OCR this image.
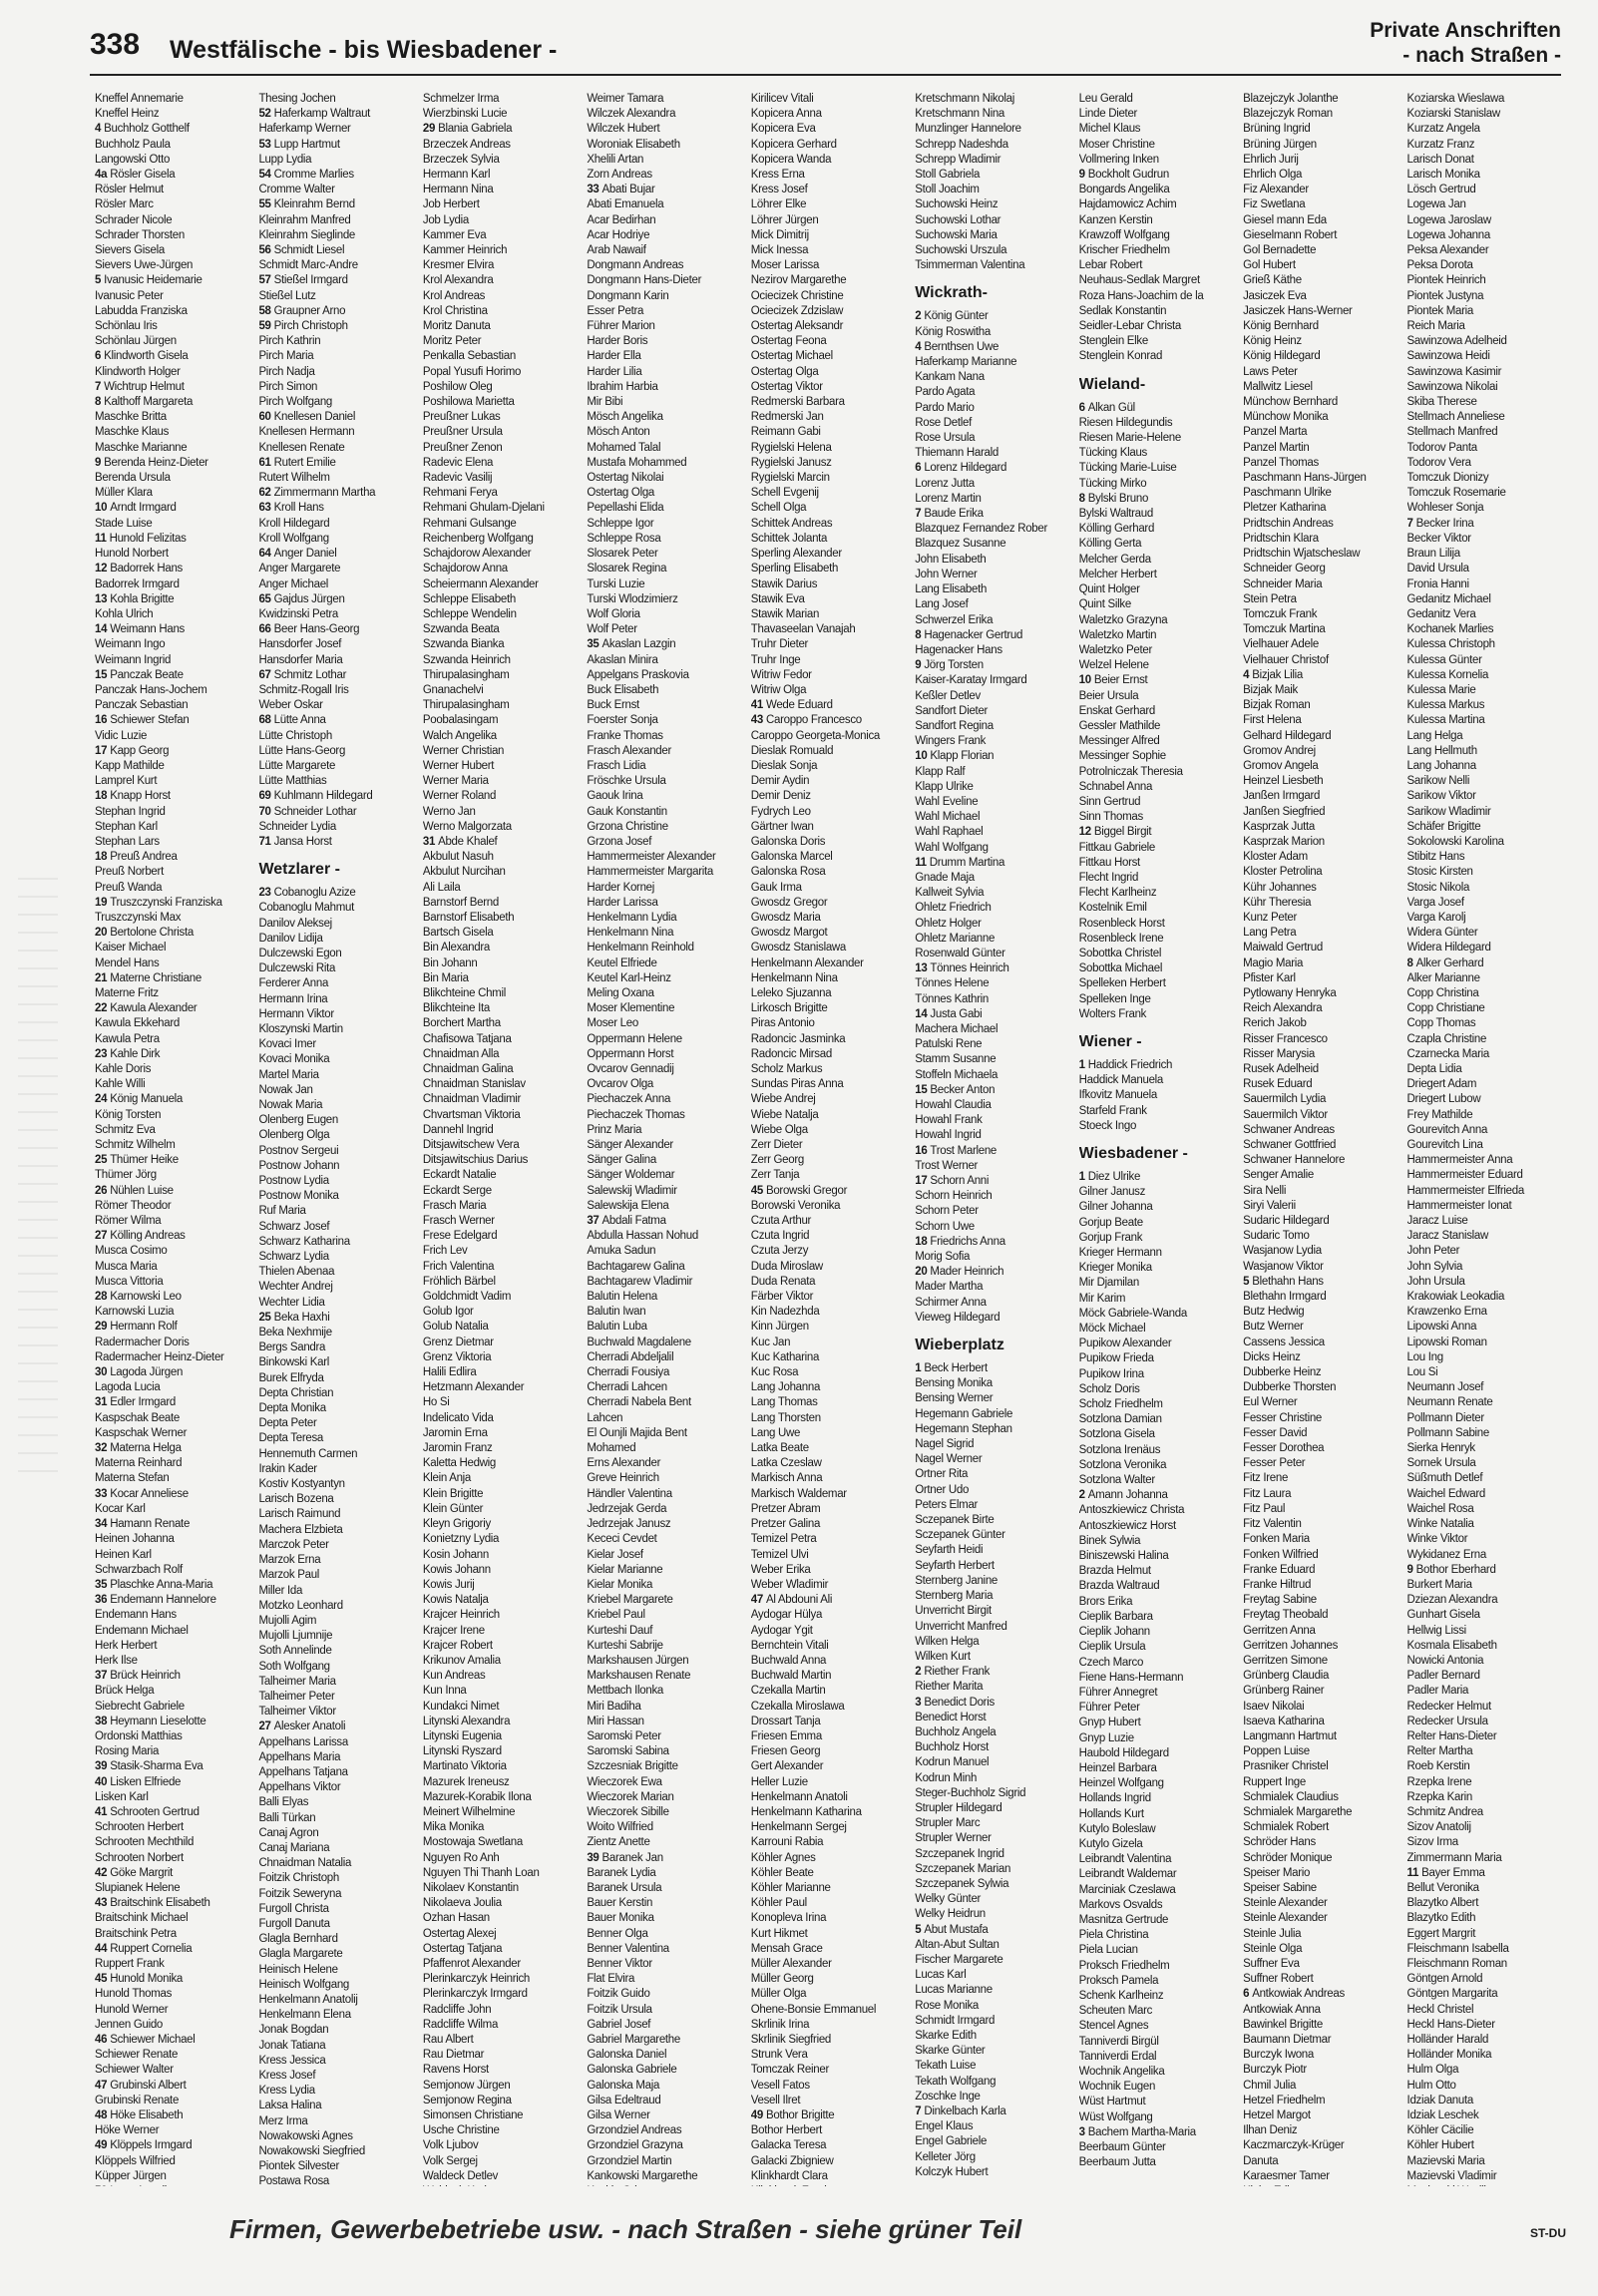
338 Westfälische - bis Wiesbadener -
Private Anschriften
- nach Straßen -
Kneffel Annemarie
Kneffel Heinz
4 Buchholz Gotthelf
Buchholz Paula
Langowski Otto
4a Rösler Gisela
Rösler Helmut
Rösler Marc
Schrader Nicole
Schrader Thorsten
Sievers Gisela
Sievers Uwe-Jürgen
5 Ivanusic Heidemarie
Ivanusic Peter
Labudda Franziska
Schönlau Iris
Schönlau Jürgen
6 Klindworth Gisela
Klindworth Holger
7 Wichtrup Helmut
8 Kalthoff Margareta
Maschke Britta
Maschke Klaus
Maschke Marianne
9 Berenda Heinz-Dieter
Berenda Ursula
Müller Klara
10 Arndt Irmgard
Stade Luise
11 Hunold Felizitas
Hunold Norbert
12 Badorrek Hans
Badorrek Irmgard
13 Kohla Brigitte
Kohla Ulrich
14 Weimann Hans
Weimann Ingo
Weimann Ingrid
15 Panczak Beate
Panczak Hans-Jochem
Panczak Sebastian
16 Schiewer Stefan
Vidic Luzie
17 Kapp Georg
Kapp Mathilde
Lamprel Kurt
18 Knapp Horst
Stephan Ingrid
Stephan Karl
Stephan Lars
18 Preuß Andrea
Preuß Norbert
Preuß Wanda
19 Truszczynski Franziska
Truszczynski Max
20 Bertolone Christa
Kaiser Michael
Mendel Hans
21 Materne Christiane
Materne Fritz
22 Kawula Alexander
Kawula Ekkehard
Kawula Petra
23 Kahle Dirk
Kahle Doris
Kahle Willi
24 König Manuela
König Torsten
Schmitz Eva
Schmitz Wilhelm
25 Thümer Heike
Thümer Jörg
26 Nühlen Luise
Römer Theodor
Römer Wilma
27 Kölling Andreas
Musca Cosimo
Musca Maria
Musca Vittoria
28 Karnowski Leo
Karnowski Luzia
29 Hermann Rolf
Radermacher Doris
Radermacher Heinz-Dieter
30 Lagoda Jürgen
Lagoda Lucia
31 Edler Irmgard
Kaspschak Beate
Kaspschak Werner
32 Materna Helga
Materna Reinhard
Materna Stefan
33 Kocar Anneliese
Kocar Karl
34 Hamann Renate
Heinen Johanna
Heinen Karl
Schwarzbach Rolf
35 Plaschke Anna-Maria
36 Endemann Hannelore
Endemann Hans
Endemann Michael
Herk Herbert
Herk Ilse
37 Brück Heinrich
Brück Helga
Siebrecht Gabriele
38 Heymann Lieselotte
Ordonski Matthias
Rosing Maria
39 Stasik-Sharma Eva
40 Lisken Elfriede
Lisken Karl
41 Schrooten Gertrud
Schrooten Herbert
Schrooten Mechthild
Schrooten Norbert
42 Göke Margrit
Slupianek Helene
43 Braitschink Elisabeth
Braitschink Michael
Braitschink Petra
44 Ruppert Cornelia
Ruppert Frank
45 Hunold Monika
Hunold Thomas
Hunold Werner
Jennen Guido
46 Schiewer Michael
Schiewer Renate
Schiewer Walter
47 Grubinski Albert
Grubinski Renate
48 Höke Elisabeth
Höke Werner
49 Klöppels Irmgard
Klöppels Wilfried
Küpper Jürgen
Thesing Jochen
52 Haferkamp Waltraut
Haferkamp Werner
53 Lupp Hartmut
Lupp Lydia
54 Cromme Marlies
Cromme Walter
55 Kleinrahm Bernd
Kleinrahm Manfred
Kleinrahm Sieglinde
56 Schmidt Liesel
Schmidt Marc-Andre
57 Stießel Irmgard
Stießel Lutz
58 Graupner Arno
59 Pirch Christoph
Pirch Kathrin
Pirch Maria
Pirch Nadja
Pirch Simon
Pirch Wolfgang
60 Knellesen Daniel
Knellesen Hermann
Knellesen Renate
61 Rutert Emilie
Rutert Wilhelm
62 Zimmermann Martha
63 Kroll Hans
Kroll Hildegard
Kroll Wolfgang
64 Anger Daniel
Anger Margarete
Anger Michael
65 Gajdus Jürgen
Kwidzinski Petra
66 Beer Hans-Georg
Hansdorfer Josef
Hansdorfer Maria
67 Schmitz Lothar
Schmitz-Rogall Iris
Weber Oskar
68 Lütte Anna
Lütte Christoph
Lütte Hans-Georg
Lütte Margarete
Lütte Matthias
69 Kuhlmann Hildegard
70 Schneider Lothar
Schneider Lydia
71 Jansa Horst
Wetzlarer -
23 Cobanoglu Azize
Cobanoglu Mahmut
Danilov Aleksej
Danilov Lidija
Dulczewski Egon
Dulczewski Rita
Ferderer Anna
Hermann Irina
Hermann Viktor
Kloszynski Martin
Kovaci Imer
Kovaci Monika
Martel Maria
Nowak Jan
Nowak Maria
Olenberg Eugen
Olenberg Olga
Postnov Sergeui
Postnow Johann
Postnow Lydia
Postnow Monika
Ruf Maria
Schwarz Josef
Schwarz Katharina
Schwarz Lydia
Thielen Abenaa
Wechter Andrej
Wechter Lidia
25 Beka Haxhi
Beka Nexhmije
Bergs Sandra
Binkowski Karl
Burek Elfryda
Depta Christian
Depta Monika
Depta Peter
Depta Teresa
Hennemuth Carmen
Irakin Kader
Kostiv Kostyantyn
Larisch Bozena
Larisch Raimund
Machera Elzbieta
Marczok Peter
Marzok Erna
Marzok Paul
Miller Ida
Motzko Leonhard
Mujolli Agim
Mujolli Ljumnije
Soth Annelinde
Soth Wolfgang
Talheimer Maria
Talheimer Peter
Talheimer Viktor
27 Alesker Anatoli
Appelhans Larissa
Appelhans Maria
Appelhans Tatjana
Appelhans Viktor
Balli Elyas
Balli Türkan
Canaj Agron
Canaj Mariana
Chnaidman Natalia
Foitzik Christoph
Foitzik Seweryna
Furgoll Christa
Furgoll Danuta
Glagla Bernhard
Glagla Margarete
Heinisch Helene
Heinisch Wolfgang
Henkelmann Anatolij
Henkelmann Elena
Jonak Bogdan
Jonak Tatiana
Kress Jessica
Kress Josef
Kress Lydia
Laksa Halina
Merz Irma
Nowakowski Agnes
Nowakowski Siegfried
Piontek Silvester
Postawa Rosa
Schmelzer Irma
Wierzbinski Lucie
29 Blania Gabriela
Brzeczek Andreas
Brzeczek Sylvia
Hermann Karl
Hermann Nina
Job Herbert
Job Lydia
Kammer Eva
Kammer Heinrich
Kresmer Elvira
Krol Alexandra
Krol Andreas
Krol Christina
Moritz Danuta
Moritz Peter
Penkalla Sebastian
Popal Yusufi Horimo
Poshilow Oleg
Poshilowa Marietta
Preußner Lukas
Preußner Ursula
Preußner Zenon
Radevic Elena
Radevic Vasilij
Rehmani Ferya
Rehmani Ghulam-Djelani
Rehmani Gulsange
Reichenberg Wolfgang
Schajdorow Alexander
Schajdorow Anna
Scheiermann Alexander
Schleppe Elisabeth
Schleppe Wendelin
Szwanda Beata
Szwanda Bianka
Szwanda Heinrich
Thirupalasingham
Gnanachelvi
Thirupalasingham
Poobalasingam
Walch Angelika
Werner Christian
Werner Hubert
Werner Maria
Werner Roland
Werno Jan
Werno Malgorzata
31 Abde Khalef
Akbulut Nasuh
Akbulut Nurcihan
Ali Laila
Barnstorf Bernd
Barnstorf Elisabeth
Bartsch Gisela
Bin Alexandra
Bin Johann
Bin Maria
Blikchteine Chmil
Blikchteine Ita
Borchert Martha
Chafisowa Tatjana
Chnaidman Alla
Chnaidman Galina
Chnaidman Stanislav
Chnaidman Vladimir
Chvartsman Viktoria
Dannehl Ingrid
Ditsjawitschew Vera
Ditsjawitschius Darius
Eckardt Natalie
Eckardt Serge
Frasch Maria
Frasch Werner
Frese Edelgard
Frich Lev
Frich Valentina
Fröhlich Bärbel
Goldchmidt Vadim
Golub Igor
Golub Natalia
Grenz Dietmar
Grenz Viktoria
Halili Edlira
Hetzmann Alexander
Ho Si
Indelicato Vida
Jaromin Erna
Jaromin Franz
Kaletta Hedwig
Klein Anja
Klein Brigitte
Klein Günter
Kleyn Grigoriy
Konietzny Lydia
Kosin Johann
Kowis Johann
Kowis Jurij
Kowis Natalja
Krajcer Heinrich
Krajcer Irene
Krajcer Robert
Krikunov Amalia
Kun Andreas
Kun Inna
Kundakci Nimet
Litynski Alexandra
Litynski Eugenia
Litynski Ryszard
Martinato Viktoria
Mazurek Ireneusz
Mazurek-Korabik Ilona
Meinert Wilhelmine
Mika Monika
Mostowaja Swetlana
Nguyen Ro Anh
Nguyen Thi Thanh Loan
Nikolaev Konstantin
Nikolaeva Joulia
Ozhan Hasan
Ostertag Alexej
Ostertag Tatjana
Pfaffenrot Alexander
Plerinkarczyk Heinrich
Plerinkarczyk Irmgard
Radcliffe John
Radcliffe Wilma
Rau Albert
Rau Dietmar
Ravens Horst
Semjonow Jürgen
Semjonow Regina
Simonsen Christiane
Usche Christine
Volk Ljubov
Volk Sergej
Waldeck Detlev
Weimer Tamara
Wilczek Alexandra
Wilczek Hubert
Woroniak Elisabeth
Xhelili Artan
Zorn Andreas
33 Abati Bujar
Abati Emanuela
Acar Bedirhan
Acar Hodriye
Arab Nawaif
Dongmann Andreas
Dongmann Hans-Dieter
Dongmann Karin
Esser Petra
Führer Marion
Harder Boris
Harder Ella
Harder Lilia
Ibrahim Harbia
Mir Bibi
Mösch Angelika
Mösch Anton
Mohamed Talal
Mustafa Mohammed
Ostertag Nikolai
Ostertag Olga
Pepellashi Elida
Schleppe Igor
Schleppe Rosa
Slosarek Peter
Slosarek Regina
Turski Luzie
Turski Wlodzimierz
Wolf Gloria
Wolf Peter
35 Akaslan Lazgin
Akaslan Minira
Appelgans Praskovia
Buck Elisabeth
Buck Ernst
Foerster Sonja
Franke Thomas
Frasch Alexander
Frasch Lidia
Fröschke Ursula
Gaouk Irina
Gauk Konstantin
Grzona Christine
Grzona Josef
Hammermeister Alexander
Hammermeister Margarita
Harder Kornej
Harder Larissa
Henkelmann Lydia
Henkelmann Nina
Henkelmann Reinhold
Keutel Elfriede
Keutel Karl-Heinz
Meling Oxana
Moser Klementine
Moser Leo
Oppermann Helene
Oppermann Horst
Ovcarov Gennadij
Ovcarov Olga
Piechaczek Anna
Piechaczek Thomas
Prinz Maria
Sänger Alexander
Sänger Galina
Sänger Woldemar
Salewskij Wladimir
Salewskija Elena
37 Abdali Fatma
Abdulla Hassan Nohud
Amuka Sadun
Bachtagarew Galina
Bachtagarew Vladimir
Balutin Helena
Balutin Iwan
Balutin Luba
Buchwald Magdalene
Cherradi Abdeljalil
Cherradi Fousiya
Cherradi Lahcen
Cherradi Nabela Bent
Lahcen
El Ounjli Majida Bent
Mohamed
Erns Alexander
Greve Heinrich
Händler Valentina
Jedrzejak Gerda
Jedrzejak Janusz
Kececi Cevdet
Kielar Josef
Kielar Marianne
Kielar Monika
Kriebel Margarete
Kriebel Paul
Kurteshi Dauf
Kurteshi Sabrije
Markshausen Jürgen
Markshausen Renate
Mettbach Ilonka
Miri Badiha
Miri Hassan
Saromski Peter
Saromski Sabina
Szczesniak Brigitte
Wieczorek Ewa
Wieczorek Marian
Wieczorek Sibille
Woito Wilfried
Zientz Anette
39 Baranek Jan
Baranek Lydia
Baranek Ursula
Bauer Kerstin
Bauer Monika
Benner Olga
Benner Valentina
Benner Viktor
Flat Elvira
Foitzik Guido
Foitzik Ursula
Gabriel Josef
Gabriel Margarethe
Galonska Daniel
Galonska Gabriele
Galonska Maja
Gilsa Edeltraud
Gilsa Werner
Grzondziel Andreas
Grzondziel Grazyna
Grzondziel Martin
Kankowski Margarethe
Kirilicev Vitali
Kopicera Anna
Kopicera Eva
Kopicera Gerhard
Kopicera Wanda
Kress Erna
Kress Josef
Löhrer Elke
Löhrer Jürgen
Mick Dimitrij
Mick Inessa
Moser Larissa
Nezirov Margarethe
Ociecizek Christine
Ociecizek Zdzislaw
Ostertag Aleksandr
Ostertag Feona
Ostertag Michael
Ostertag Olga
Ostertag Viktor
Redmerski Barbara
Redmerski Jan
Reimann Gabi
Rygielski Helena
Rygielski Janusz
Rygielski Marcin
Schell Evgenij
Schell Olga
Schittek Andreas
Schittek Jolanta
Sperling Alexander
Sperling Elisabeth
Stawik Darius
Stawik Eva
Stawik Marian
Thavaseelan Vanajah
Truhr Dieter
Truhr Inge
Witriw Fedor
Witriw Olga
41 Wede Eduard
43 Caroppo Francesco
Caroppo Georgeta-Monica
Dieslak Romuald
Dieslak Sonja
Demir Aydin
Demir Deniz
Fydrych Leo
Gärtner Iwan
Galonska Doris
Galonska Marcel
Galonska Rosa
Gauk Irma
Gwosdz Gregor
Gwosdz Maria
Gwosdz Margot
Gwosdz Stanislawa
Henkelmann Alexander
Henkelmann Nina
Leleko Sjuzanna
Lirkosch Brigitte
Piras Antonio
Radoncic Jasminka
Radoncic Mirsad
Scholz Markus
Sundas Piras Anna
Wiebe Andrej
Wiebe Natalja
Wiebe Olga
Zerr Dieter
Zerr Georg
Zerr Tanja
45 Borowski Gregor
Borowski Veronika
Czuta Arthur
Czuta Ingrid
Czuta Jerzy
Duda Miroslaw
Duda Renata
Färber Viktor
Kin Nadezhda
Kinn Jürgen
Kuc Jan
Kuc Katharina
Kuc Rosa
Lang Johanna
Lang Thomas
Lang Thorsten
Lang Uwe
Latka Beate
Latka Czeslaw
Markisch Anna
Markisch Waldemar
Pretzer Abram
Pretzer Galina
Temizel Petra
Temizel Ulvi
Weber Erika
Weber Wladimir
47 Al Abdouni Ali
Aydogar Hülya
Aydogar Ygit
Bernchtein Vitali
Buchwald Anna
Buchwald Martin
Czekalla Martin
Czekalla Miroslawa
Drossart Tanja
Friesen Emma
Friesen Georg
Gert Alexander
Heller Luzie
Henkelmann Anatoli
Henkelmann Katharina
Henkelmann Sergej
Karrouni Rabia
Köhler Agnes
Köhler Beate
Köhler Marianne
Köhler Paul
Konopleva Irina
Kurt Hikmet
Mensah Grace
Müller Alexander
Müller Georg
Müller Olga
Ohene-Bonsie Emmanuel
Skrlinik Irina
Skrlinik Siegfried
Strunk Vera
Tomczak Reiner
Vesell Fatos
Vesell Ilret
49 Bothor Brigitte
Bothor Herbert
Galacka Teresa
Galacki Zbigniew
Klinkhardt Clara
Kretschmann Nikolaj
Kretschmann Nina
Munzlinger Hannelore
Schrepp Nadeshda
Schrepp Wladimir
Stoll Gabriela
Stoll Joachim
Suchowski Heinz
Suchowski Lothar
Suchowski Maria
Suchowski Urszula
Tsimmerman Valentina
Wickrath-
2 König Günter
König Roswitha
4 Bernthsen Uwe
Haferkamp Marianne
Kankam Nana
Pardo Agata
Pardo Mario
Rose Detlef
Rose Ursula
Thiemann Harald
6 Lorenz Hildegard
Lorenz Jutta
Lorenz Martin
7 Baude Erika
Blazquez Fernandez Rober
Blazquez Susanne
John Elisabeth
John Werner
Lang Elisabeth
Lang Josef
Schwerzel Erika
8 Hagenacker Gertrud
Hagenacker Hans
9 Jörg Torsten
Kaiser-Karatay Irmgard
Keßler Detlev
Sandfort Dieter
Sandfort Regina
Wingers Frank
10 Klapp Florian
Klapp Ralf
Klapp Ulrike
Wahl Eveline
Wahl Michael
Wahl Raphael
Wahl Wolfgang
11 Drumm Martina
Gnade Maja
Kallweit Sylvia
Ohletz Friedrich
Ohletz Holger
Ohletz Marianne
Rosenwald Günter
13 Tönnes Heinrich
Tönnes Helene
Tönnes Kathrin
14 Justa Gabi
Machera Michael
Patulski Rene
Stamm Susanne
Stoffeln Michaela
15 Becker Anton
Howahl Claudia
Howahl Frank
Howahl Ingrid
16 Trost Marlene
Trost Werner
17 Schorn Anni
Schorn Heinrich
Schorn Peter
Schorn Uwe
18 Friedrichs Anna
Morig Sofia
20 Mader Heinrich
Mader Martha
Schirmer Anna
Vieweg Hildegard
Wieberplatz
1 Beck Herbert
Bensing Monika
Bensing Werner
Hegemann Gabriele
Hegemann Stephan
Nagel Sigrid
Nagel Werner
Ortner Rita
Ortner Udo
Peters Elmar
Sczepanek Birte
Sczepanek Günter
Seyfarth Heidi
Seyfarth Herbert
Sternberg Janine
Sternberg Maria
Unverricht Birgit
Unverricht Manfred
Wilken Helga
Wilken Kurt
2 Riether Frank
Riether Marita
3 Benedict Doris
Benedict Horst
Buchholz Angela
Buchholz Horst
Kodrun Manuel
Kodrun Minh
Steger-Buchholz Sigrid
Strupler Hildegard
Strupler Marc
Strupler Werner
Szczepanek Ingrid
Szczepanek Marian
Szczepanek Sylwia
Welky Günter
Welky Heidrun
5 Abut Mustafa
Altan-Abut Sultan
Fischer Margarete
Lucas Karl
Lucas Marianne
Rose Monika
Schmidt Irmgard
Skarke Edith
Skarke Günter
Tekath Luise
Tekath Wolfgang
Zoschke Inge
7 Dinkelbach Karla
Engel Klaus
Engel Gabriele
Kelleter Jörg
Kolczyk Hubert
Leu Gerald
Linde Dieter
Michel Klaus
Moser Christine
Vollmering Inken
9 Bockholt Gudrun
Bongards Angelika
Hajdamowicz Achim
Kanzen Kerstin
Krawzoff Wolfgang
Krischer Friedhelm
Lebar Robert
Neuhaus-Sedlak Margret
Roza Hans-Joachim de la
Sedlak Konstantin
Seidler-Lebar Christa
Stenglein Elke
Stenglein Konrad
Wieland-
6 Alkan Gül
Riesen Hildegundis
Riesen Marie-Helene
Tücking Klaus
Tücking Marie-Luise
Tücking Mirko
8 Bylski Bruno
Bylski Waltraud
Kölling Gerhard
Kölling Gerta
Melcher Gerda
Melcher Herbert
Quint Holger
Quint Silke
Waletzko Grazyna
Waletzko Martin
Waletzko Peter
Welzel Helene
10 Beier Ernst
Beier Ursula
Enskat Gerhard
Gessler Mathilde
Messinger Alfred
Messinger Sophie
Potrolniczak Theresia
Schnabel Anna
Sinn Gertrud
Sinn Thomas
12 Biggel Birgit
Fittkau Gabriele
Fittkau Horst
Flecht Ingrid
Flecht Karlheinz
Kostelnik Emil
Rosenbleck Horst
Rosenbleck Irene
Sobottka Christel
Sobottka Michael
Spelleken Herbert
Spelleken Inge
Wolters Frank
Wiener -
1 Haddick Friedrich
Haddick Manuela
Ifkovitz Manuela
Starfeld Frank
Stoeck Ingo
Wiesbadener -
1 Diez Ulrike
Gilner Janusz
Gilner Johanna
Gorjup Beate
Gorjup Frank
Krieger Hermann
Krieger Monika
Mir Djamilan
Mir Karim
Möck Gabriele-Wanda
Möck Michael
Pupikow Alexander
Pupikow Frieda
Pupikow Irina
Scholz Doris
Scholz Friedhelm
Sotzlona Damian
Sotzlona Gisela
Sotzlona Irenäus
Sotzlona Veronika
Sotzlona Walter
2 Amann Johanna
Antoszkiewicz Christa
Antoszkiewicz Horst
Binek Sylwia
Biniszewski Halina
Brazda Helmut
Brazda Waltraud
Brors Erika
Cieplik Barbara
Cieplik Johann
Cieplik Ursula
Czech Marco
Fiene Hans-Hermann
Führer Annegret
Führer Peter
Gnyp Hubert
Gnyp Luzie
Haubold Hildegard
Heinzel Barbara
Heinzel Wolfgang
Hollands Ingrid
Hollands Kurt
Kutylo Boleslaw
Kutylo Gizela
Leibrandt Valentina
Leibrandt Waldemar
Marciniak Czeslawa
Markovs Osvalds
Masnitza Gertrude
Piela Christina
Piela Lucian
Proksch Friedhelm
Proksch Pamela
Schenk Karlheinz
Scheuten Marc
Stencel Agnes
Tanniverdi Birgül
Tanniverdi Erdal
Wochnik Angelika
Wochnik Eugen
Wüst Hartmut
Wüst Wolfgang
3 Bachem Martha-Maria
Beerbaum Günter
Beerbaum Jutta
Blazejczyk Jolanthe
Blazejczyk Roman
Brüning Ingrid
Brüning Jürgen
Ehrlich Jurij
Ehrlich Olga
Fiz Alexander
Fiz Swetlana
Giesel mann Eda
Gieselmann Robert
Gol Bernadette
Gol Hubert
Grieß Käthe
Jasiczek Eva
Jasiczek Hans-Werner
König Bernhard
König Heinz
König Hildegard
Laws Peter
Mallwitz Liesel
Münchow Bernhard
Münchow Monika
Panzel Marta
Panzel Martin
Panzel Thomas
Paschmann Hans-Jürgen
Paschmann Ulrike
Pletzer Katharina
Pridtschin Andreas
Pridtschin Klara
Pridtschin Wjatscheslaw
Schneider Georg
Schneider Maria
Stein Petra
Tomczuk Frank
Tomczuk Martina
Vielhauer Adele
Vielhauer Christof
4 Bizjak Lilia
Bizjak Maik
Bizjak Roman
First Helena
Gelhard Hildegard
Gromov Andrej
Gromov Angela
Heinzel Liesbeth
Janßen Irmgard
Janßen Siegfried
Kasprzak Jutta
Kasprzak Marion
Kloster Adam
Kloster Petrolina
Kühr Johannes
Kühr Theresia
Kunz Peter
Lang Petra
Maiwald Gertrud
Magio Maria
Pfister Karl
Pytlowany Henryka
Reich Alexandra
Rerich Jakob
Risser Francesco
Risser Marysia
Rusek Adelheid
Rusek Eduard
Sauermilch Lydia
Sauermilch Viktor
Schwaner Andreas
Schwaner Gottfried
Schwaner Hannelore
Senger Amalie
Sira Nelli
Siryi Valerii
Sudaric Hildegard
Sudaric Tomo
Wasjanow Lydia
Wasjanow Viktor
5 Blethahn Hans
Blethahn Irmgard
Butz Hedwig
Butz Werner
Cassens Jessica
Dicks Heinz
Dubberke Heinz
Dubberke Thorsten
Eul Werner
Fesser Christine
Fesser David
Fesser Dorothea
Fesser Peter
Fitz Irene
Fitz Laura
Fitz Paul
Fitz Valentin
Fonken Maria
Fonken Wilfried
Franke Eduard
Franke Hiltrud
Freytag Sabine
Freytag Theobald
Gerritzen Anna
Gerritzen Johannes
Gerritzen Simone
Grünberg Claudia
Grünberg Rainer
Isaev Nikolai
Isaeva Katharina
Langmann Hartmut
Poppen Luise
Prasniker Christel
Ruppert Inge
Schmialek Claudius
Schmialek Margarethe
Schmialek Robert
Schröder Hans
Schröder Monique
Speiser Mario
Speiser Sabine
Steinle Alexander
Steinle Alexander
Steinle Julia
Steinle Olga
Suffner Eva
Suffner Robert
6 Antkowiak Andreas
Antkowiak Anna
Bawinkel Brigitte
Baumann Dietmar
Burczyk Iwona
Burczyk Piotr
Chmil Julia
Hetzel Friedhelm
Hetzel Margot
Ilhan Deniz
Kaczmarczyk-Krüger
Danuta
Karaesmer Tamer
Koziarska Wieslawa
Koziarski Stanislaw
Kurzatz Angela
Kurzatz Franz
Larisch Donat
Larisch Monika
Lösch Gertrud
Logewa Jan
Logewa Jaroslaw
Logewa Johanna
Peksa Alexander
Peksa Dorota
Piontek Heinrich
Piontek Justyna
Piontek Maria
Reich Maria
Sawinzowa Adelheid
Sawinzowa Heidi
Sawinzowa Kasimir
Sawinzowa Nikolai
Skiba Therese
Stellmach Anneliese
Stellmach Manfred
Todorov Panta
Todorov Vera
Tomczuk Dionizy
Tomczuk Rosemarie
Wohleser Sonja
7 Becker Irina
Becker Viktor
Braun Lilija
David Ursula
Fronia Hanni
Gedanitz Michael
Gedanitz Vera
Kochanek Marlies
Kulessa Christoph
Kulessa Günter
Kulessa Kornelia
Kulessa Marie
Kulessa Markus
Kulessa Martina
Lang Helga
Lang Hellmuth
Lang Johanna
Sarikow Nelli
Sarikow Viktor
Sarikow Wladimir
Schäfer Brigitte
Sokolowski Karolina
Stibitz Hans
Stosic Kirsten
Stosic Nikola
Varga Josef
Varga Karolj
Widera Günter
Widera Hildegard
8 Alker Gerhard
Alker Marianne
Copp Christina
Copp Christiane
Copp Thomas
Czapla Christine
Czarnecka Maria
Depta Lidia
Driegert Adam
Driegert Lubow
Frey Mathilde
Gourevitch Anna
Gourevitch Lina
Hammermeister Anna
Hammermeister Eduard
Hammermeister Elfrieda
Hammermeister Ionat
Jaracz Luise
Jaracz Stanislaw
John Peter
John Sylvia
John Ursula
Krakowiak Leokadia
Krawzenko Erna
Lipowski Anna
Lipowski Roman
Lou Ing
Lou Si
Neumann Josef
Neumann Renate
Pollmann Dieter
Pollmann Sabine
Sierka Henryk
Sornek Ursula
Süßmuth Detlef
Waichel Edward
Waichel Rosa
Winke Natalia
Winke Viktor
Wykidanez Erna
9 Bothor Eberhard
Burkert Maria
Dziezan Alexandra
Gunhart Gisela
Hellwig Lissi
Kosmala Elisabeth
Nowicki Antonia
Padler Bernard
Padler Maria
Redecker Helmut
Redecker Ursula
Relter Hans-Dieter
Relter Martha
Roeb Kerstin
Rzepka Irene
Rzepka Karin
Schmitz Andrea
Sizov Anatolij
Sizov Irma
Zimmermann Maria
11 Bayer Emma
Bellut Veronika
Blazytko Albert
Blazytko Edith
Eggert Margrit
Fleischmann Isabella
Fleischmann Roman
Göntgen Arnold
Göntgen Margarita
Heckl Christel
Heckl Hans-Dieter
Holländer Harald
Holländer Monika
Hulm Olga
Hulm Otto
Idziak Danuta
Idziak Leschek
Köhler Cäcilie
Köhler Hubert
Mazievski Maria
Mazievski Vladimir
Firmen, Gewerbebetriebe usw. - nach Straßen - siehe grüner Teil	ST-DU
